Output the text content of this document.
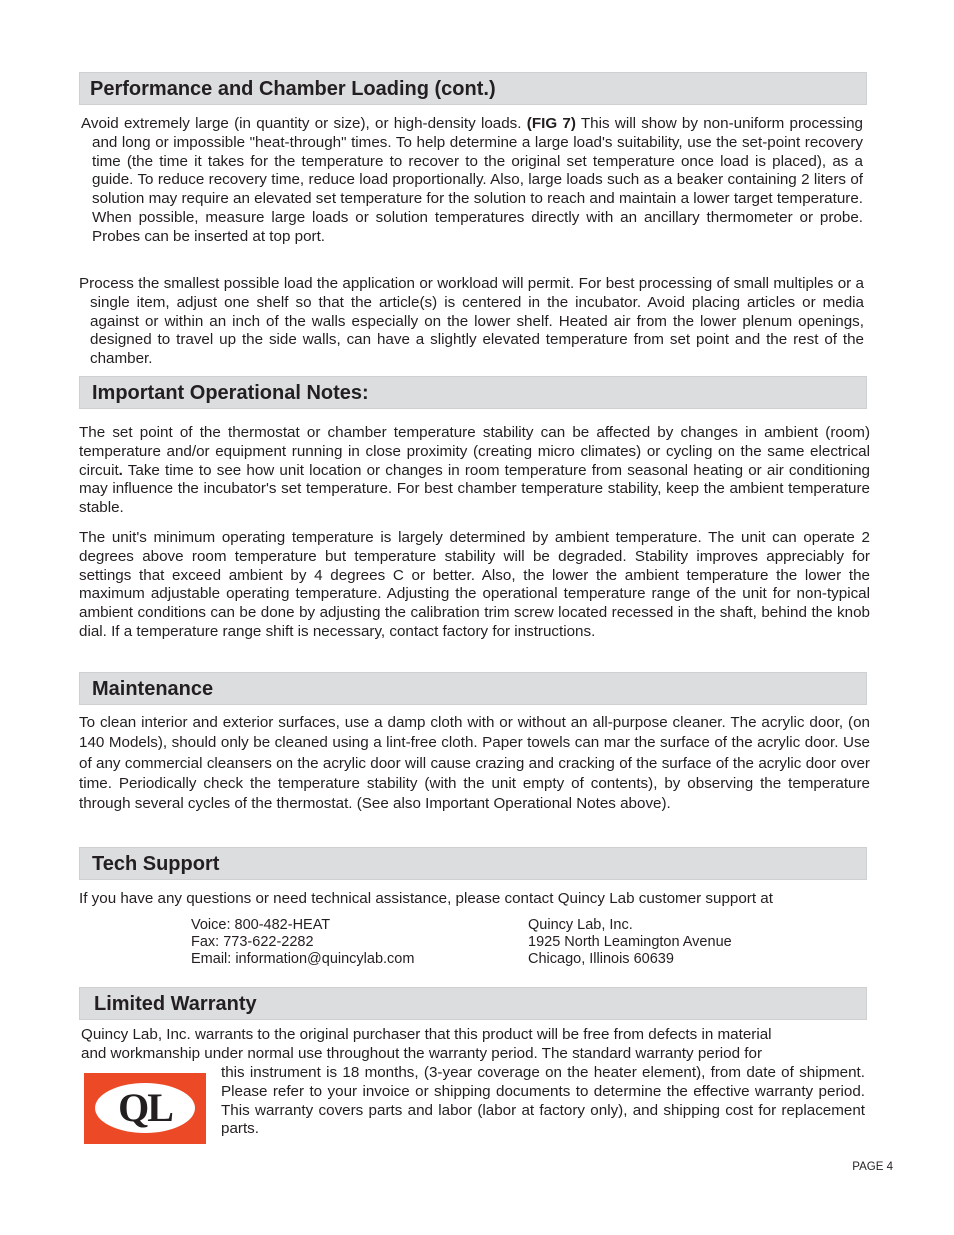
Performance and Chamber Loading (cont.)

Avoid extremely large (in quantity or size), or high-density loads. (FIG 7) This will show by non-uniform processing and long or impossible "heat-through" times. To help determine a large load's suitability, use the set-point recovery time (the time it takes for the temperature to recover to the original set temperature once load is placed), as a guide. To reduce recovery time, reduce load proportionally. Also, large loads such as a beaker containing 2 liters of solution may require an elevated set temperature for the solution to reach and maintain a lower target temperature. When possible, measure large loads or solution temperatures directly with an ancillary thermometer or probe. Probes can be inserted at top port.

Process the smallest possible load the application or workload will permit. For best processing of small multiples or a single item, adjust one shelf so that the article(s) is centered in the incubator. Avoid placing articles or media against or within an inch of the walls especially on the lower shelf. Heated air from the lower plenum openings, designed to travel up the side walls, can have a slightly elevated temperature from set point and the rest of the chamber.

Important Operational Notes:

The set point of the thermostat or chamber temperature stability can be affected by changes in ambient (room) temperature and/or equipment running in close proximity (creating micro climates) or cycling on the same electrical circuit. Take time to see how unit location or changes in room temperature from seasonal heating or air conditioning may influence the incubator's set temperature. For best chamber temperature stability, keep the ambient temperature stable.

The unit's minimum operating temperature is largely determined by ambient temperature. The unit can operate 2 degrees above room temperature but temperature stability will be degraded. Stability improves appreciably for settings that exceed ambient by 4 degrees C or better. Also, the lower the ambient temperature the lower the maximum adjustable operating temperature. Adjusting the operational temperature range of the unit for non-typical ambient conditions can be done by adjusting the calibration trim screw located recessed in the shaft, behind the knob dial. If a temperature range shift is necessary, contact factory for instructions.

Maintenance

To clean interior and exterior surfaces, use a damp cloth with or without an all-purpose cleaner. The acrylic door, (on 140 Models), should only be cleaned using a lint-free cloth. Paper towels can mar the surface of the acrylic door. Use of any commercial cleansers on the acrylic door will cause crazing and cracking of the surface of the acrylic door over time. Periodically check the temperature stability (with the unit empty of contents), by observing the temperature through several cycles of the thermostat. (See also Important Operational Notes above).

Tech Support

If you have any questions or need technical assistance, please contact Quincy Lab customer support at

Voice: 800-482-HEAT
Fax: 773-622-2282
Email: information@quincylab.com
Quincy Lab, Inc.
1925 North Leamington Avenue
Chicago, Illinois 60639
Limited Warranty
Quincy Lab, Inc. warrants to the original purchaser that this product will be free from defects in material
and workmanship under normal use throughout the warranty period. The standard warranty period for
QL

this instrument is 18 months, (3-year coverage on the heater element), from date of shipment. Please refer to your invoice or shipping documents to determine the effective warranty period. This warranty covers parts and labor (labor at factory only), and shipping cost for replacement parts.

PAGE 4
